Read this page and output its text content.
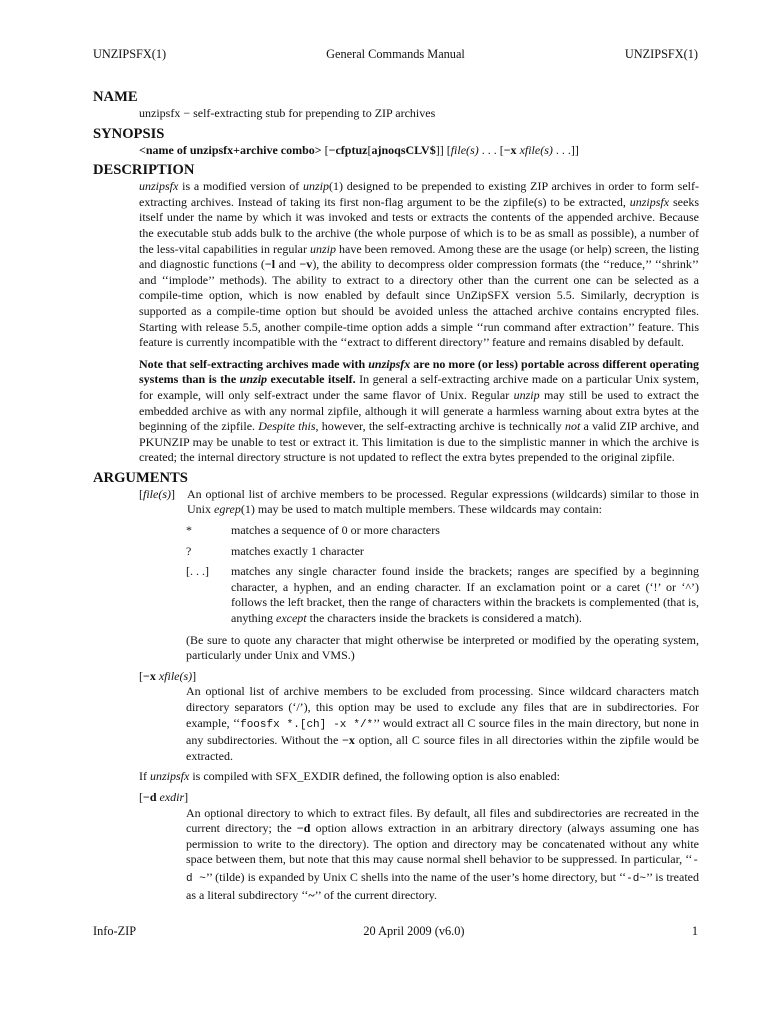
UNZIPSFX(1)	General Commands Manual	UNZIPSFX(1)
NAME

unzipsfx − self-extracting stub for prepending to ZIP archives

SYNOPSIS

<name of unzipsfx+archive combo> [−cfptuz[ajnoqsCLV$]] [file(s) . . . [−x xfile(s) . . .]]

DESCRIPTION

unzipsfx is a modified version of unzip(1) designed to be prepended to existing ZIP archives in order to form self-extracting archives. Instead of taking its first non-flag argument to be the zipfile(s) to be extracted, unzipsfx seeks itself under the name by which it was invoked and tests or extracts the contents of the appended archive. Because the executable stub adds bulk to the archive (the whole purpose of which is to be as small as possible), a number of the less-vital capabilities in regular unzip have been removed. Among these are the usage (or help) screen, the listing and diagnostic functions (−l and −v), the ability to decompress older compression formats (the ‘‘reduce,’’ ‘‘shrink’’ and ‘‘implode’’ methods). The ability to extract to a directory other than the current one can be selected as a compile-time option, which is now enabled by default since UnZipSFX version 5.5. Similarly, decryption is supported as a compile-time option but should be avoided unless the attached archive contains encrypted files. Starting with release 5.5, another compile-time option adds a simple ‘‘run command after extraction’’ feature. This feature is currently incompatible with the ‘‘extract to different directory’’ feature and remains disabled by default.

Note that self-extracting archives made with unzipsfx are no more (or less) portable across different operating systems than is the unzip executable itself. In general a self-extracting archive made on a particular Unix system, for example, will only self-extract under the same flavor of Unix. Regular unzip may still be used to extract the embedded archive as with any normal zipfile, although it will generate a harmless warning about extra bytes at the beginning of the zipfile. Despite this, however, the self-extracting archive is technically not a valid ZIP archive, and PKUNZIP may be unable to test or extract it. This limitation is due to the simplistic manner in which the archive is created; the internal directory structure is not updated to reflect the extra bytes prepended to the original zipfile.

ARGUMENTS
[file(s)]	An optional list of archive members to be processed. Regular expressions (wildcards) similar to those in Unix egrep(1) may be used to match multiple members. These wildcards may contain:

*	matches a sequence of 0 or more characters
?	matches exactly 1 character
[. . .]	matches any single character found inside the brackets; ranges are specified by a beginning character, a hyphen, and an ending character. If an exclamation point or a caret (‘!’ or ‘^’) follows the left bracket, then the range of characters within the brackets is complemented (that is, anything except the characters inside the brackets is considered a match).

(Be sure to quote any character that might otherwise be interpreted or modified by the operating system, particularly under Unix and VMS.)

[−x xfile(s)]

An optional list of archive members to be excluded from processing. Since wildcard characters match directory separators (‘/’), this option may be used to exclude any files that are in subdirectories. For example, ‘‘foosfx *.[ch] -x */*’’ would extract all C source files in the main directory, but none in any subdirectories. Without the −x option, all C source files in all directories within the zipfile would be extracted.

If unzipsfx is compiled with SFX_EXDIR defined, the following option is also enabled:

[−d exdir]

An optional directory to which to extract files. By default, all files and subdirectories are recreated in the current directory; the −d option allows extraction in an arbitrary directory (always assuming one has permission to write to the directory). The option and directory may be concatenated without any white space between them, but note that this may cause normal shell behavior to be suppressed. In particular, ‘‘-d ~’’ (tilde) is expanded by Unix C shells into the name of the user’s home directory, but ‘‘-d~’’ is treated as a literal subdirectory ‘‘~’’ of the current directory.

Info-ZIP	20 April 2009 (v6.0)	1
